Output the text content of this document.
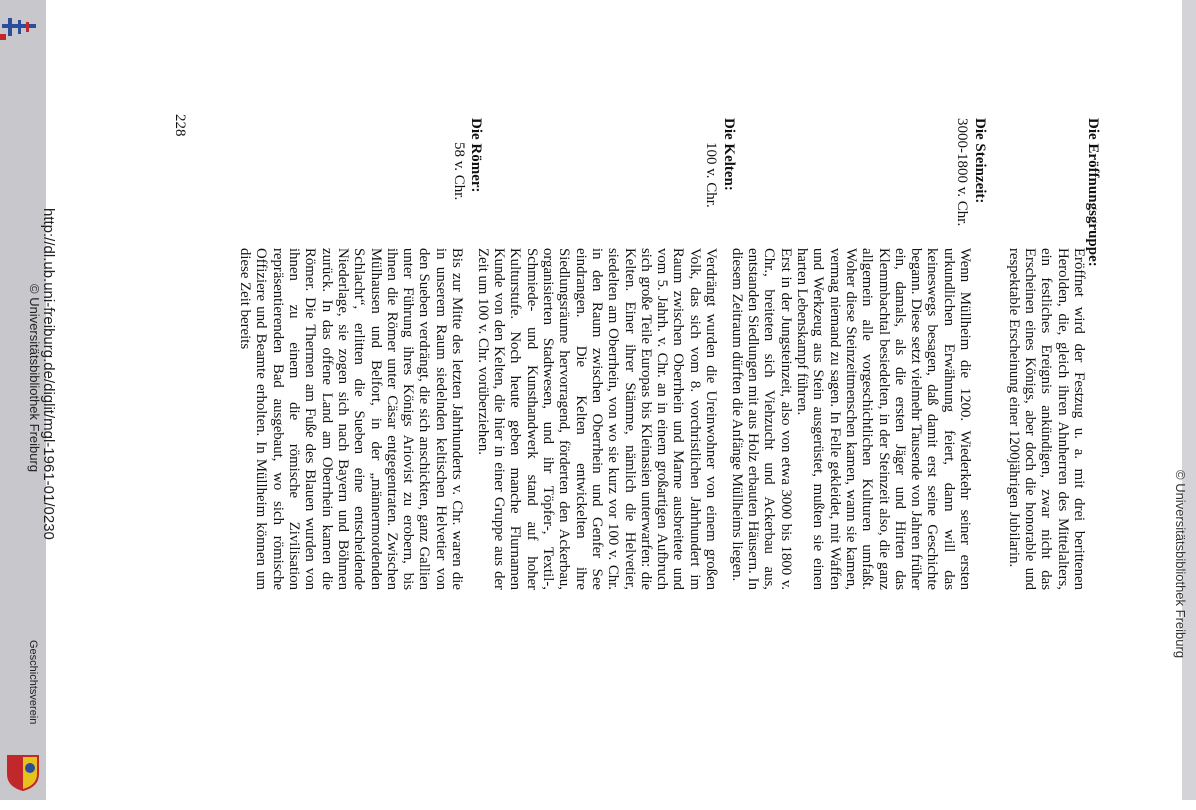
© Universitätsbibliothek Freiburg
Die Eröffnungsgruppe:

Eröffnet wird der Festzug u. a. mit drei berittenen Herolden, die, gleich ihren Ahnherren des Mittelalters, ein festliches Ereignis ankündigen, zwar nicht das Erscheinen eines Königs, aber doch die honorable und respektable Erscheinung einer 1200jährigen Jubilarin.

Die Steinzeit:
3000-1800 v. Chr.

Wenn Müllheim die 1200. Wiederkehr seiner ersten urkundlichen Erwähnung feiert, dann will das keineswegs besagen, daß damit erst seine Geschichte begann. Diese setzt vielmehr Tausende von Jahren früher ein, damals, als die ersten Jäger und Hirten das Klemmbachtal besiedelten, in der Steinzeit also, die ganz allgemein alle vorgeschichtlichen Kulturen umfaßt. Woher diese Steinzeitmenschen kamen, wann sie kamen, vermag niemand zu sagen. In Felle gekleidet, mit Waffen und Werkzeug aus Stein ausgerüstet, mußten sie einen harten Lebenskampf führen.

Erst in der Jungsteinzeit, also von etwa 3000 bis 1800 v. Chr., breiteten sich Viehzucht und Ackerbau aus, entstanden Siedlungen mit aus Holz erbauten Häusern. In diesem Zeitraum dürften die Anfänge Müllheims liegen.

Die Kelten:
100 v. Chr.

Verdrängt wurden die Ureinwohner von einem großen Volk, das sich vom 8. vorchristlichen Jahrhundert im Raum zwischen Oberrhein und Marne ausbreitete und vom 5. Jahrh. v. Chr. an in einem großartigen Aufbruch sich große Teile Europas bis Kleinasien unterwarfen: die Kelten. Einer ihrer Stämme, nämlich die Helvetier, siedelten am Oberrhein, von wo sie kurz vor 100 v. Chr. in den Raum zwischen Oberrhein und Genfer See eindrangen. Die Kelten entwickelten ihre Siedlungsräume hervorragend, förderten den Ackerbau, organisierten Stadtwesen, und ihr Töpfer-, Textil-, Schmiede- und Kunsthandwerk stand auf hoher Kulturstufe. Noch heute geben manche Flurnamen Kunde von den Kelten, die hier in einer Gruppe aus der Zeit um 100 v. Chr. vorüberziehen.

Die Römer:
58 v. Chr.

Bis zur Mitte des letzten Jahrhunderts v. Chr. waren die in unserem Raum siedelnden keltischen Helvetier von den Sueben verdrängt, die sich anschickten, ganz Gallien unter Führung ihres Königs Ariovist zu erobern, bis ihnen die Römer unter Cäsar entgegentraten. Zwischen Mülhausen und Belfort, in der „männermordenden Schlacht“, erlitten die Sueben eine entscheidende Niederlage, sie zogen sich nach Bayern und Böhmen zurück. In das offene Land am Oberrhein kamen die Römer. Die Thermen am Fuße des Blauen wurden von ihnen zu einem die römische Zivilisation repräsentierenden Bad ausgebaut, wo sich römische Offiziere und Beamte erholten. In Müllheim können um diese Zeit bereits

228
http://dl.ub.uni-freiburg.de/diglit/mgl-1961-01/0230
© Universitätsbibliothek Freiburg
Geschichtsverein
